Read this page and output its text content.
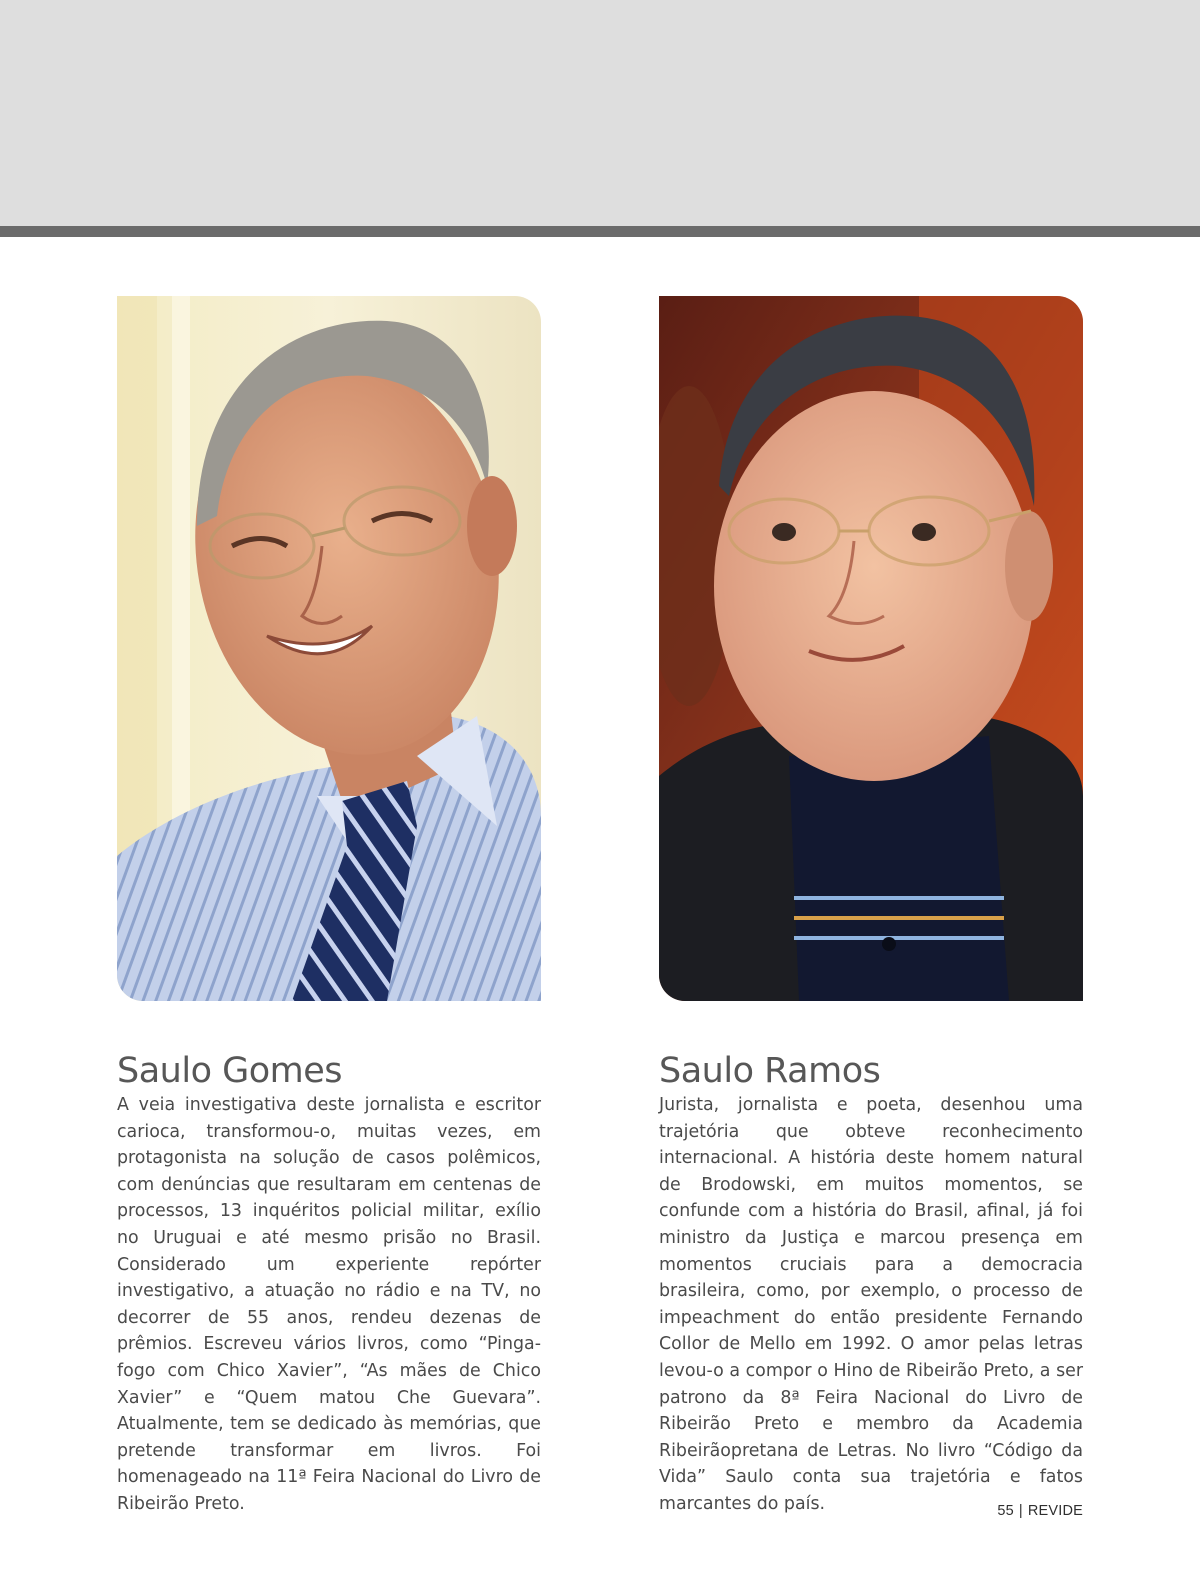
Saulo Gomes

A veia investigativa deste jornalista e escritor carioca, transformou-o, muitas vezes, em protagonista na solução de casos polêmicos, com denúncias que resultaram em centenas de processos, 13 inquéritos policial militar, exílio no Uruguai e até mesmo prisão no Brasil. Considerado um experiente repórter investigativo, a atuação no rádio e na TV, no decorrer de 55 anos, rendeu dezenas de prêmios. Escreveu vários livros, como “Pinga-fogo com Chico Xavier”, “As mães de Chico Xavier” e “Quem matou Che Guevara”. Atualmente, tem se dedicado às memórias, que pretende transformar em livros. Foi homenageado na 11ª Feira Nacional do Livro de Ribeirão Preto.

Saulo Ramos

Jurista, jornalista e poeta, desenhou uma trajetória que obteve reconhecimento internacional. A história deste homem natural de Brodowski, em muitos momentos, se confunde com a história do Brasil, afinal, já foi ministro da Justiça e marcou presença em momentos cruciais para a democracia brasileira, como, por exemplo, o processo de impeachment do então presidente Fernando Collor de Mello em 1992. O amor pelas letras levou-o a compor o Hino de Ribeirão Preto, a ser patrono da 8ª Feira Nacional do Livro de Ribeirão Preto e membro da Academia Ribeirãopretana de Letras. No livro “Código da Vida” Saulo conta sua trajetória e fatos marcantes do país.	55 | REVIDE
